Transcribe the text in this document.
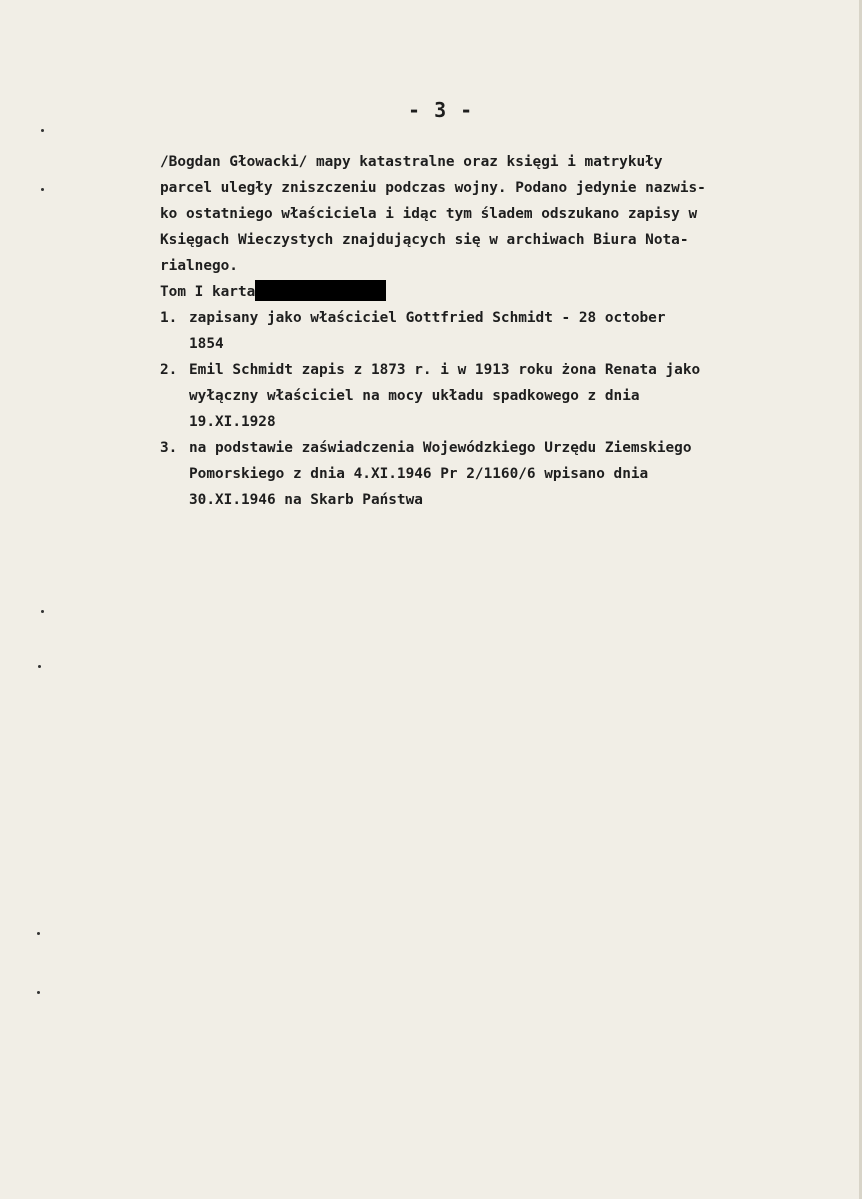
- 3 -
/Bogdan Głowacki/ mapy katastralne oraz księgi i matrykuły
parcel uległy zniszczeniu podczas wojny. Podano jedynie nazwis-
ko ostatniego właściciela i idąc tym śladem odszukano zapisy w
Księgach Wieczystych znajdujących się w archiwach Biura Nota-
rialnego.
Tom I karta
1. zapisany jako właściciel Gottfried Schmidt - 28 october
1854
2. Emil Schmidt zapis z 1873 r. i w 1913 roku żona Renata jako
wyłączny właściciel na mocy układu spadkowego z dnia
19.XI.1928
3. na podstawie zaświadczenia Wojewódzkiego Urzędu Ziemskiego
Pomorskiego z dnia 4.XI.1946 Pr 2/1160/6 wpisano dnia
30.XI.1946 na Skarb Państwa
